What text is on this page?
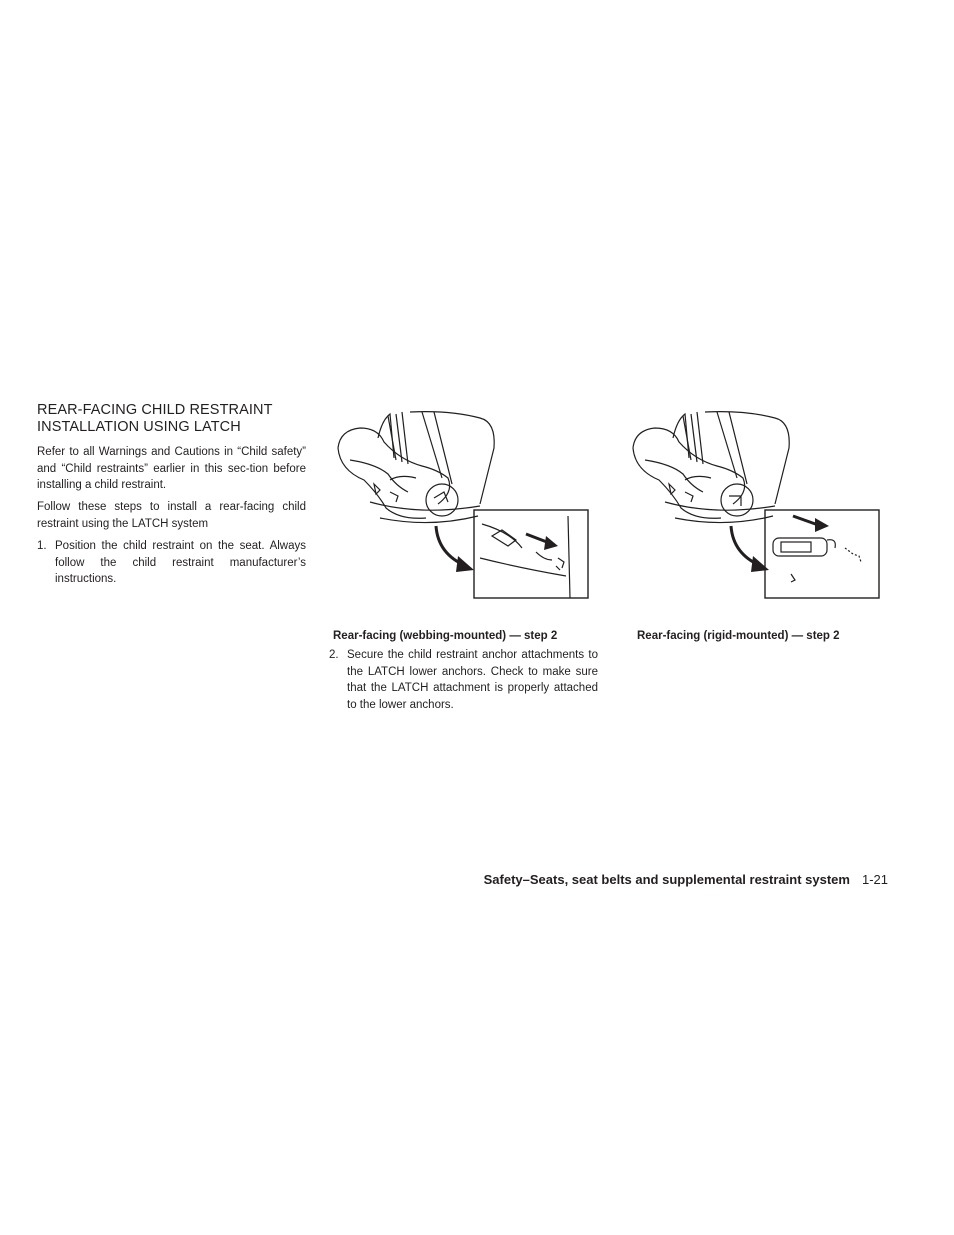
REAR-FACING CHILD RESTRAINT
INSTALLATION USING LATCH

Refer to all Warnings and Cautions in “Child safety” and “Child restraints” earlier in this sec-tion before installing a child restraint.

Follow these steps to install a rear-facing child restraint using the LATCH system

1. Position the child restraint on the seat. Always follow the child restraint manufacturer’s instructions.
Rear-facing (webbing-mounted) — step 2	Rear-facing (rigid-mounted) — step 2
2. Secure the child restraint anchor attachments to the LATCH lower anchors. Check to make sure that the LATCH attachment is properly attached to the lower anchors.
Safety–Seats, seat belts and supplemental restraint system 1-21
